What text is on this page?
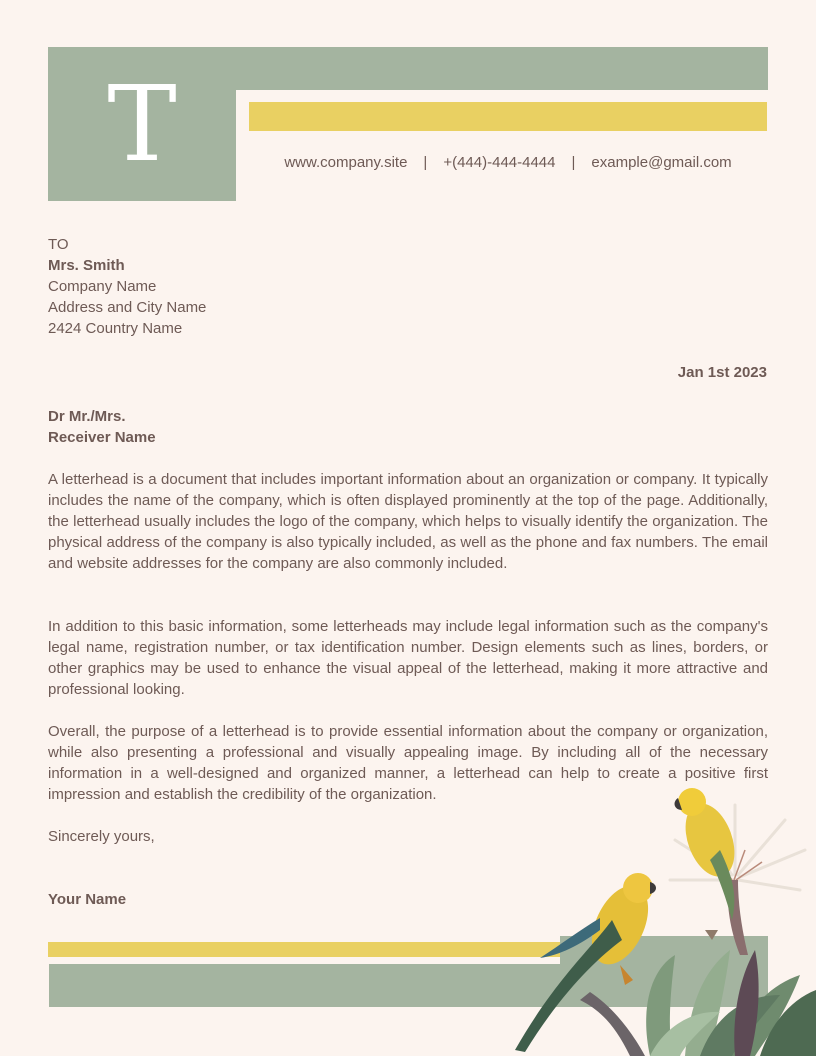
T	www.company.site | +(444)-444-4444 | example@gmail.com
TO
Mrs. Smith
Company Name
Address and City Name
2424 Country Name
Jan 1st 2023
Dr Mr./Mrs.
Receiver Name
A letterhead is a document that includes important information about an organization or company. It typically includes the name of the company, which is often displayed prominently at the top of the page. Additionally, the letterhead usually includes the logo of the company, which helps to visually identify the organization. The physical address of the company is also typically included, as well as the phone and fax numbers. The email and website addresses for the company are also commonly included.
In addition to this basic information, some letterheads may include legal information such as the company's legal name, registration number, or tax identification number. Design elements such as lines, borders, or other graphics may be used to enhance the visual appeal of the letterhead, making it more attractive and professional looking.
Overall, the purpose of a letterhead is to provide essential information about the company or organization, while also presenting a professional and visually appealing image. By including all of the necessary information in a well-designed and organized manner, a letterhead can help to create a positive first impression and establish the credibility of the organization.
Sincerely yours,
Your Name
